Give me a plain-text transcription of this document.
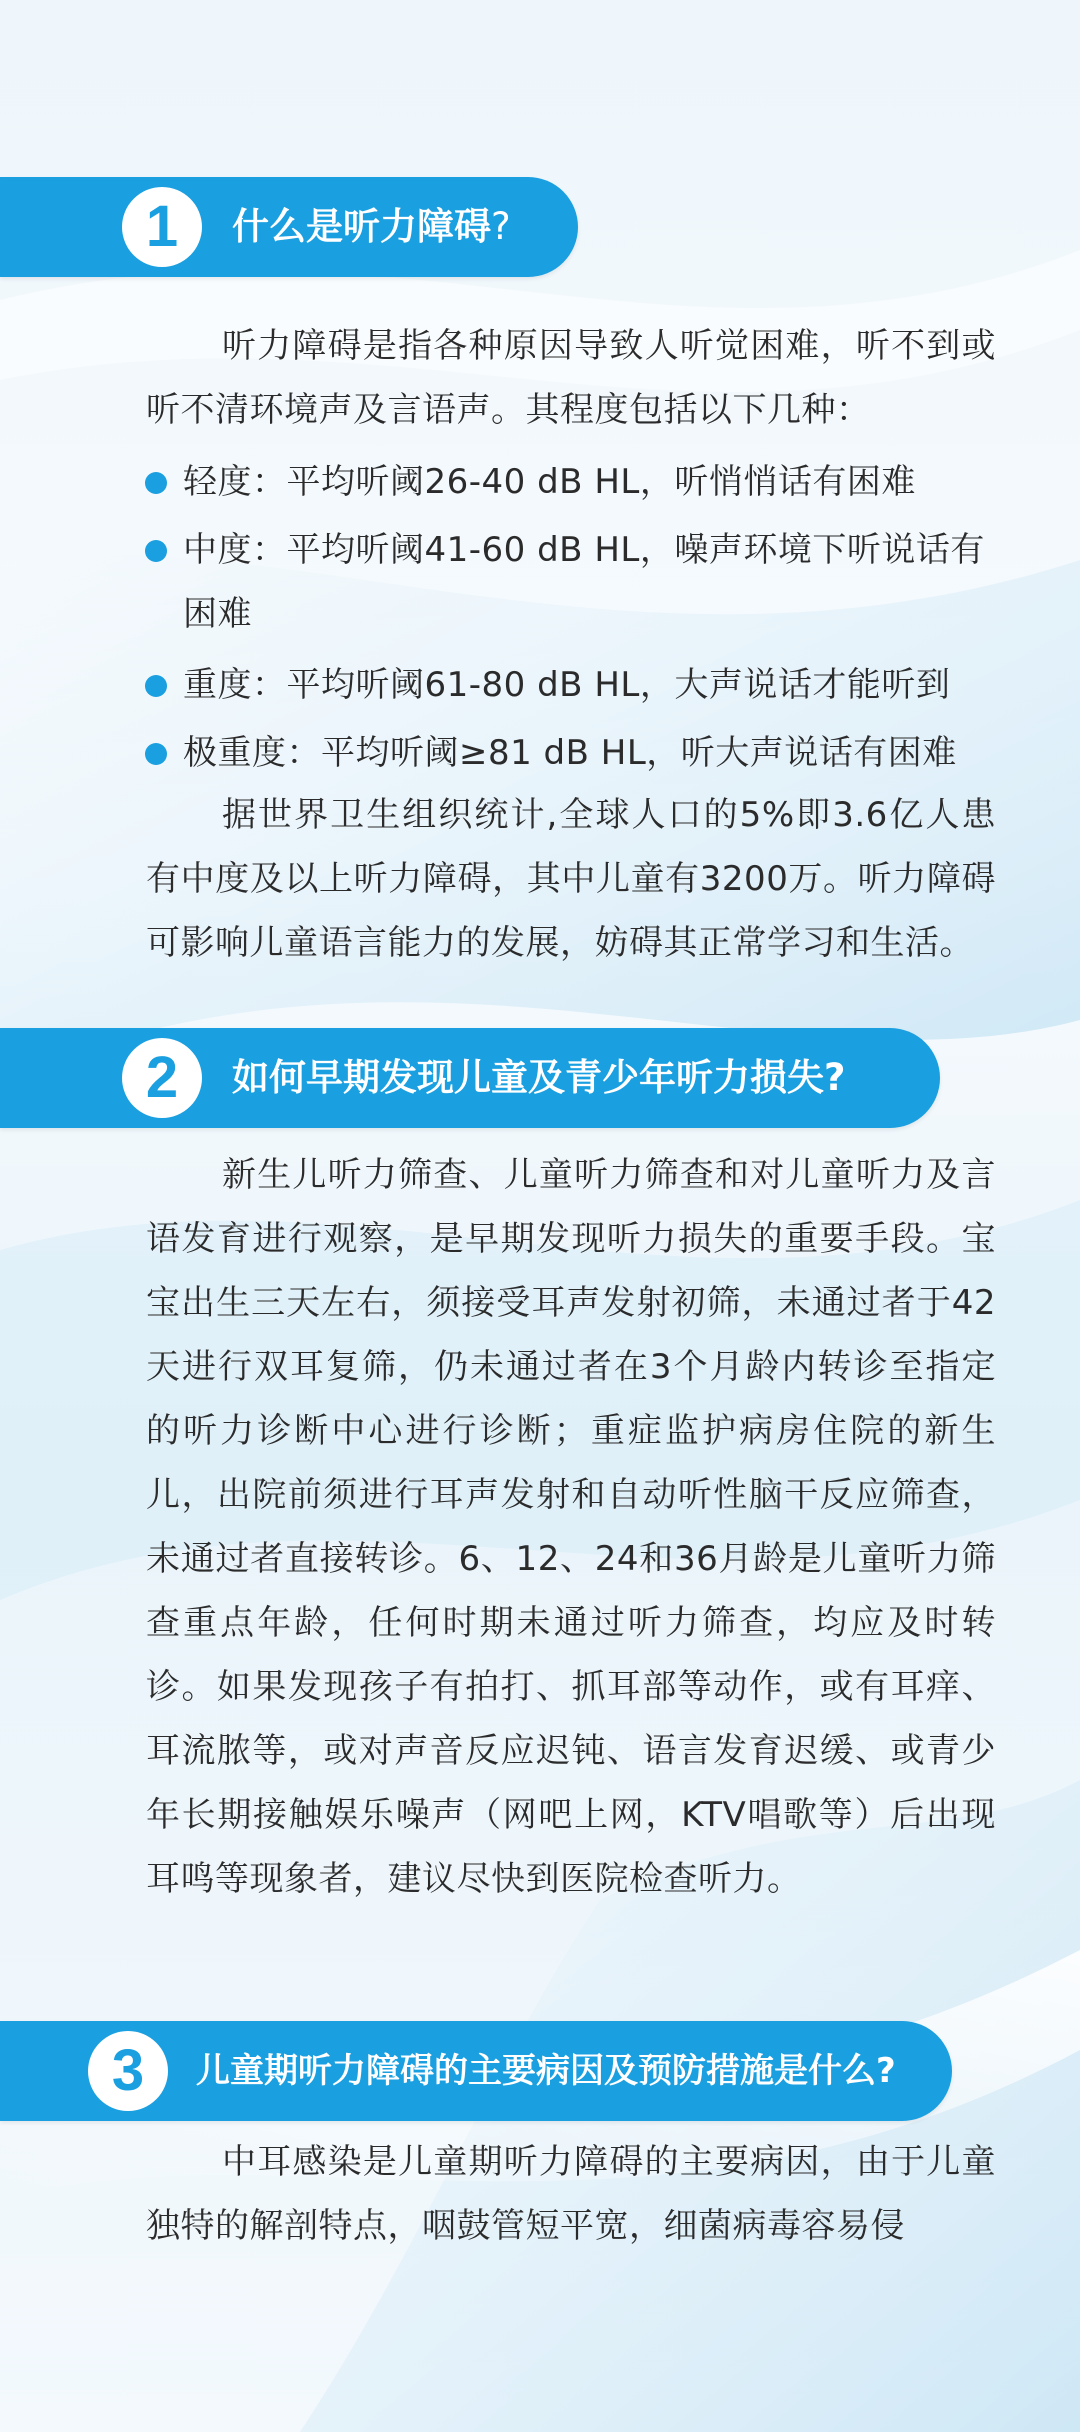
1	什么是听力障碍?

听力障碍是指各种原因导致人听觉困难，听不到或听不清环境声及言语声。其程度包括以下几种：

轻度：平均听阈26-40 dB HL，听悄悄话有困难
中度：平均听阈41-60 dB HL，噪声环境下听说话有困难
重度：平均听阈61-80 dB HL，大声说话才能听到
极重度：平均听阈≥81 dB HL，听大声说话有困难

据世界卫生组织统计,全球人口的5%即3.6亿人患有中度及以上听力障碍，其中儿童有3200万。听力障碍可影响儿童语言能力的发展，妨碍其正常学习和生活。

2	如何早期发现儿童及青少年听力损失?

新生儿听力筛查、儿童听力筛查和对儿童听力及言语发育进行观察，是早期发现听力损失的重要手段。宝宝出生三天左右，须接受耳声发射初筛，未通过者于42天进行双耳复筛，仍未通过者在3个月龄内转诊至指定的听力诊断中心进行诊断；重症监护病房住院的新生儿，出院前须进行耳声发射和自动听性脑干反应筛查，未通过者直接转诊。6、12、24和36月龄是儿童听力筛查重点年龄，任何时期未通过听力筛查，均应及时转诊。如果发现孩子有拍打、抓耳部等动作，或有耳痒、耳流脓等，或对声音反应迟钝、语言发育迟缓、或青少年长期接触娱乐噪声（网吧上网，KTV唱歌等）后出现耳鸣等现象者，建议尽快到医院检查听力。

3	儿童期听力障碍的主要病因及预防措施是什么?

中耳感染是儿童期听力障碍的主要病因，由于儿童独特的解剖特点，咽鼓管短平宽，细菌病毒容易侵
